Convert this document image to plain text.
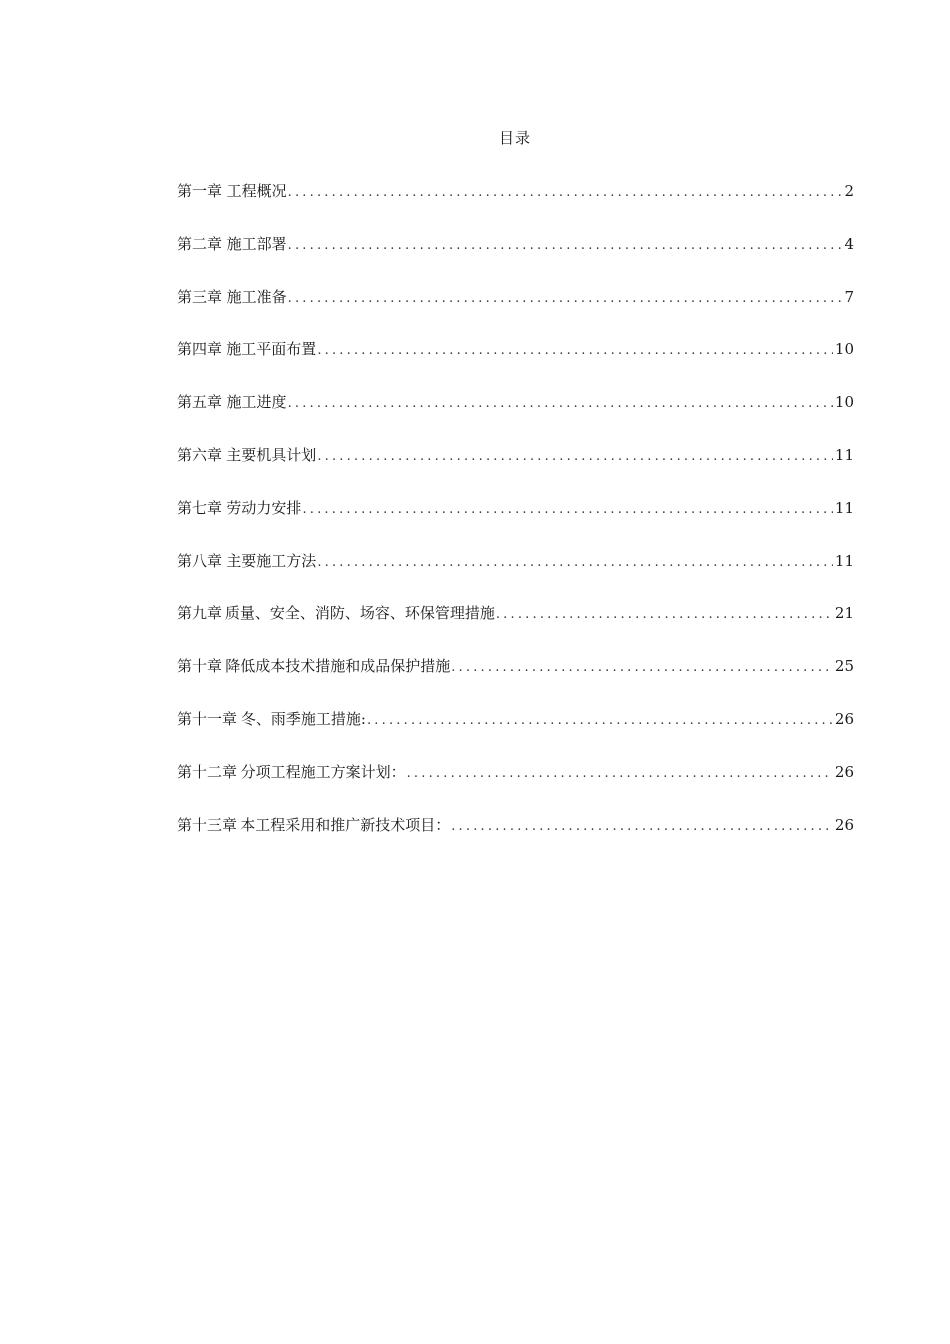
目录
第一章 工程概况 .....	2
第二章 施工部署 .....	4
第三章 施工准备 .....	7
第四章 施工平面布置 .....	10
第五章 施工进度 .....	10
第六章 主要机具计划 .....	11
第七章 劳动力安排 .....	11
第八章 主要施工方法 .....	11
第九章 质量、安全、消防、场容、环保管理措施 .....	21
第十章 降低成本技术措施和成品保护措施 .....	25
第十一章 冬、雨季施工措施: .....	26
第十二章 分项工程施工方案计划： .....	26
第十三章 本工程采用和推广新技术项目： .....	26
